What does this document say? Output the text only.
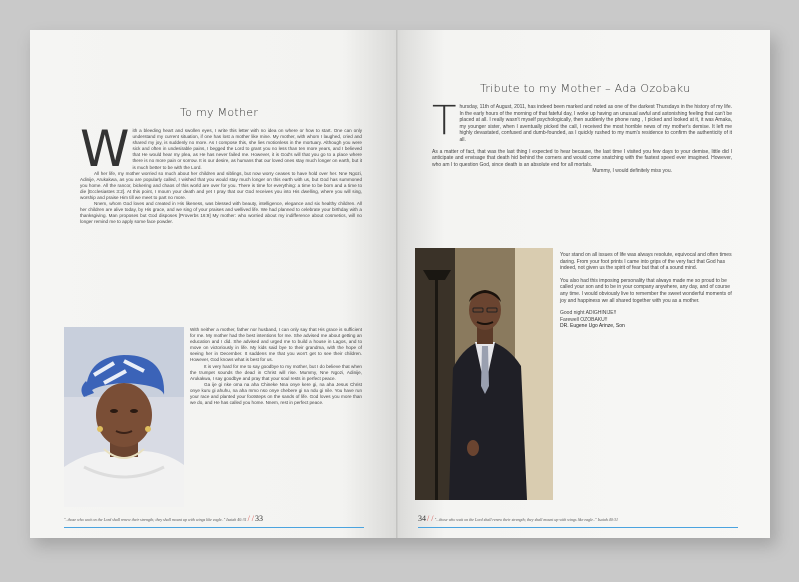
To my Mother

With a bleeding heart and swollen eyes, I write this letter with no idea on where or how to start. One can only understand my current situation, if one has lost a mother like mine. My mother, with whom I laughed, cried and shared my joy, is suddenly no more. As I compose this, she lies motionless in the mortuary. Although you were sick and often in undesirable pains, I begged the Lord to grant you no less than ten more years, and I believed that He would hear my plea, as He has never failed me. However, it is God's will that you go to a place where there is no more pain or sorrow. It is our desire, as humans that our loved ones stay much longer on earth, but it is much better to be with the Lord.

All her life, my mother worried so much about her children and siblings, but now worry ceases to have hold over her. Nne Ngozi, Adinije, Arukakwa, as you are popularly called, I wished that you would stay much longer on this earth with us, but God has summoned you home. All the rancor, bickering and chaos of this world are over for you. There is time for everything: a time to be born and a time to die [Ecclesiastes 3:2]. At this point, I mourn your death and yet I pray that our God receives you into His dwelling, where you will sing, worship and praise Him till we meet to part no more.

Nnem, whom God loves and created in His likeness, was blessed with beauty, intelligence, elegance and six healthy children. All her children are alive today, by His grace, and we sing of your praises and wellived life. We had planned to celebrate your birthday with a thanksgiving. Man proposes but God disposes [Proverbs 16:9] My mother: who worried about my indifference about cosmetics, will no longer remind me to apply some face powder.

With neither a mother, father nor husband, I can only say that His grace is sufficient for me. My mother had the best intentions for me. She advised me about getting an education and I did. She advised and urged me to build a house in Lagos, and to move on victoriously in life. My kids said bye to their grandma, with the hope of seeing her in December. It saddens me that you won't get to see their children. However, God knows what is best for us.

It is very hard for me to say goodbye to my mother, but I do believe that when the trumpet sounds the dead in Christ will rise. Mummy, Nne Ngozi, Adinije, Arukakwa, I say goodbye and pray that your soul rests in perfect peace.

Ga ije gi nke oma na aha Chineke Nna onye kere gi, na aha Jesus Christ onye kuru gi ahuhu, na aha mmo nso onye chebere gi na ndu gi nile. You have run your race and planted your footsteps on the sands of life. God loves you more than we do, and He has called you home. Nnem, rest in perfect peace.

"..those who wait on the Lord shall renew their strength; they shall mount up with wings like eagle.." Isaiah 40:31 / / 33
Tribute to my Mother – Ada Ozobaku

Thursday, 11th of August, 2011, has indeed been marked and noted as one of the darkest Thursdays in the history of my life. In the early hours of the morning of that fateful day, I woke up having an unusual awful and astonishing feeling that can't be placed at all. I really wasn't myself psychologically, then suddenly the phone rang , I picked and looked at it, it was Amaka, my younger sister, when I aventually picked the call, I received the most horrible news of my mother's demise. It left me highly devastated, confused and dumb-founded, as I quickly rushed to my mum's residence to confirm the authenticity of it all.

As a matter of fact, that was the last thing I expected to hear because, the last time I visited you few days to your demise, little did I anticipate and envisage that death hid behind the corners and would come snatching with the fastest speed ever imagined. However, who am I to question God, since death is an absolute end for all mortals.

Mummy, I would definitely miss you.

Your stand on all issues of life was always resolute, equivocal and often times daring. From your foot prints I came into grips of the very fact that God has indeed, not given us the spirit of fear but that of a sound mind.

You also had this imposing personality that always made me so proud to be called your son and to be in your company anywhere, any day, and of course any time. I would obviously live to remember the sweet wonderful moments of joy and happiness we all shared together with you as a mother.

Good night ADIGHINIJE!!

Farewell OZOBAKU!!

DR. Eugene Ugo Arinze, Son

34 / / "...those who wait on the Lord shall renew their strength; they shall mount up with wings like eagle.." Isaiah 40:31
